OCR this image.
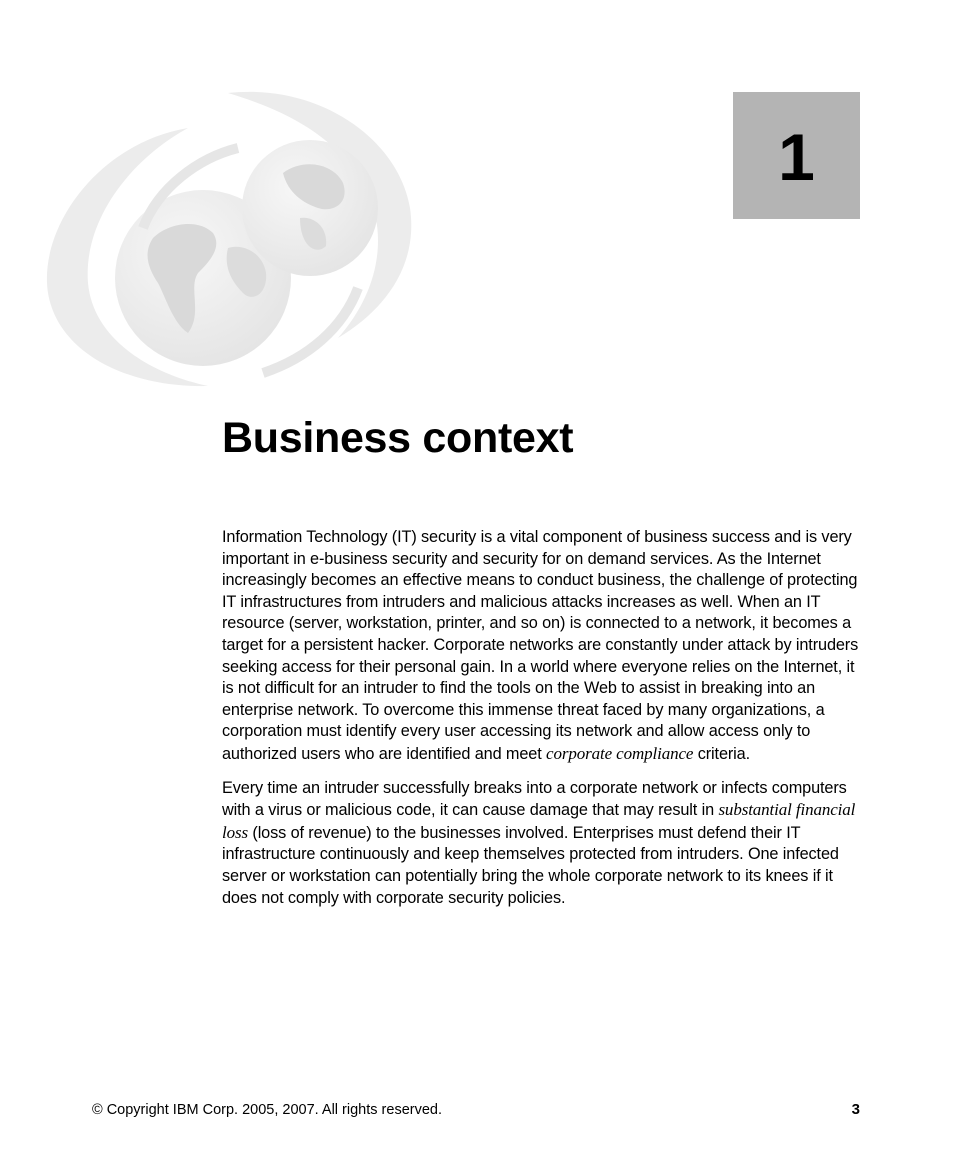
1
Business context

Information Technology (IT) security is a vital component of business success and is very important in e-business security and security for on demand services. As the Internet increasingly becomes an effective means to conduct business, the challenge of protecting IT infrastructures from intruders and malicious attacks increases as well. When an IT resource (server, workstation, printer, and so on) is connected to a network, it becomes a target for a persistent hacker. Corporate networks are constantly under attack by intruders seeking access for their personal gain. In a world where everyone relies on the Internet, it is not difficult for an intruder to find the tools on the Web to assist in breaking into an enterprise network. To overcome this immense threat faced by many organizations, a corporation must identify every user accessing its network and allow access only to authorized users who are identified and meet corporate compliance criteria.

Every time an intruder successfully breaks into a corporate network or infects computers with a virus or malicious code, it can cause damage that may result in substantial financial loss (loss of revenue) to the businesses involved. Enterprises must defend their IT infrastructure continuously and keep themselves protected from intruders. One infected server or workstation can potentially bring the whole corporate network to its knees if it does not comply with corporate security policies.

© Copyright IBM Corp. 2005, 2007. All rights reserved.	3
